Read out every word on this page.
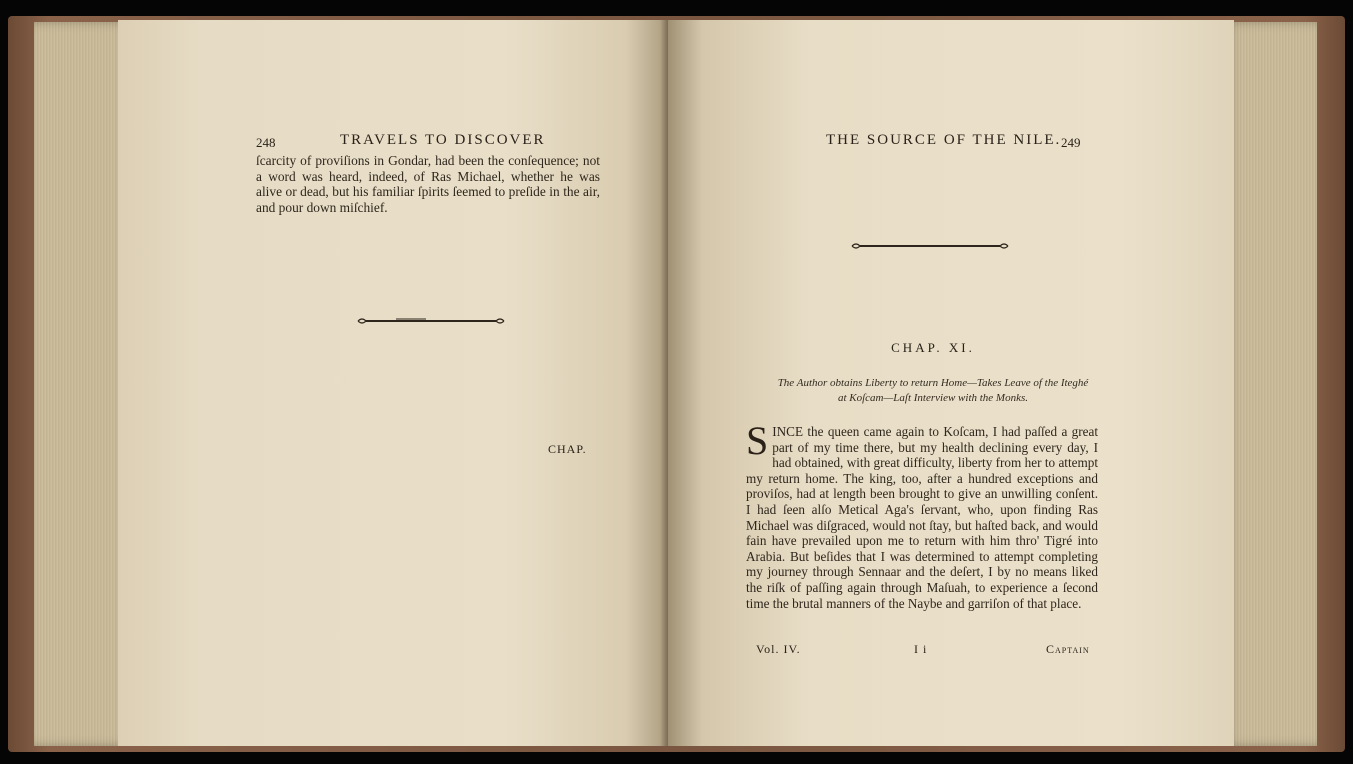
248	TRAVELS TO DISCOVER

ſcarcity of proviſions in Gondar, had been the conſequence; not a word was heard, indeed, of Ras Michael, whether he was alive or dead, but his familiar ſpirits ſeemed to preſide in the air, and pour down miſchief.

CHAP.
THE SOURCE OF THE NILE. 249
CHAP. XI.
The Author obtains Liberty to return Home—Takes Leave of the Iteghé
at Koſcam—Laſt Interview with the Monks.
S INCE the queen came again to Koſcam, I had paſſed a great part of my time there, but my health declining every day, I had obtained, with great difficulty, liberty from her to attempt my return home. The king, too, after a hundred exceptions and proviſos, had at length been brought to give an unwilling conſent. I had ſeen alſo Metical Aga's ſervant, who, upon finding Ras Michael was diſgraced, would not ſtay, but haſted back, and would fain have prevailed upon me to return with him thro' Tigré into Arabia. But beſides that I was determined to attempt completing my journey through Sennaar and the deſert, I by no means liked the riſk of paſſing again through Maſuah, to experience a ſecond time the brutal manners of the Naybe and garriſon of that place.

Vol. IV.	I i	Captain
